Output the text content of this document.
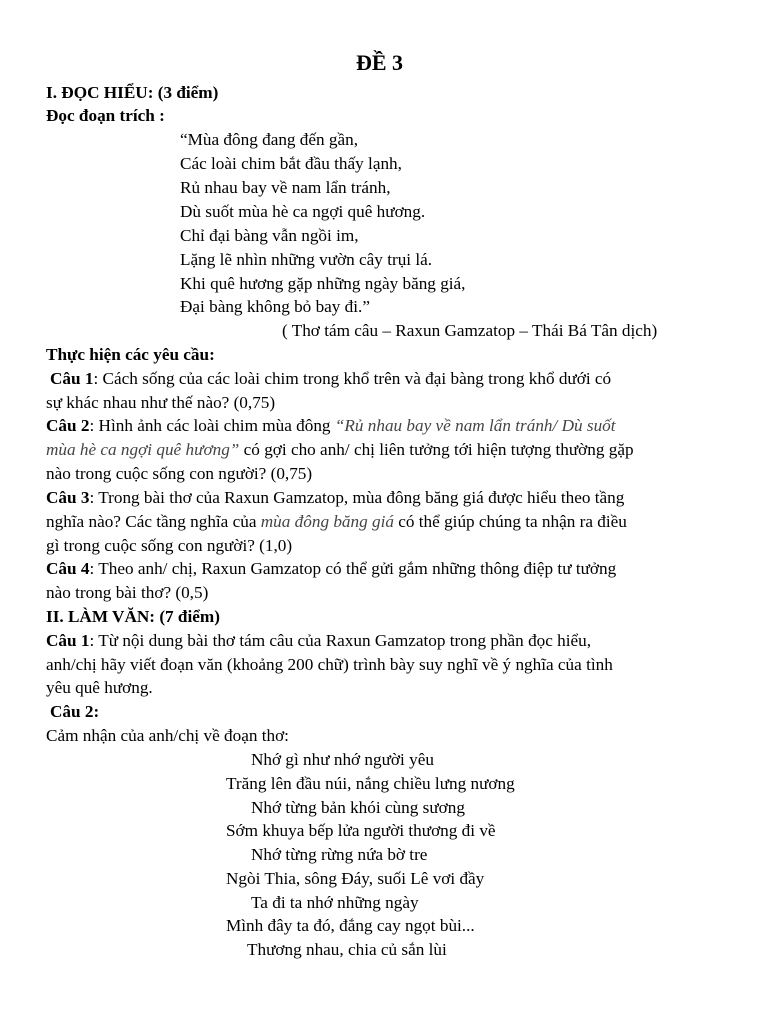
ĐỀ 3
I. ĐỌC HIỂU: (3 điểm)
Đọc đoạn trích :
“Mùa đông đang đến gần,
Các loài chim bắt đầu thấy lạnh,
Rủ nhau bay về nam lẩn tránh,
Dù suốt mùa hè ca ngợi quê hương.
Chỉ đại bàng vẫn ngồi im,
Lặng lẽ nhìn những vườn cây trụi lá.
Khi quê hương gặp những ngày băng giá,
Đại bàng không bỏ bay đi.”
( Thơ tám câu – Raxun Gamzatop – Thái Bá Tân dịch)
Thực hiện các yêu cầu:
Câu 1: Cách sống của các loài chim trong khổ trên và đại bàng trong khổ dưới có
sự khác nhau như thế nào? (0,75)
Câu 2: Hình ảnh các loài chim mùa đông “Rủ nhau bay về nam lẩn tránh/ Dù suốt
mùa hè ca ngợi quê hương” có gợi cho anh/ chị liên tưởng tới hiện tượng thường gặp
nào trong cuộc sống con người? (0,75)
Câu 3: Trong bài thơ của Raxun Gamzatop, mùa đông băng giá được hiểu theo tầng
nghĩa nào? Các tầng nghĩa của mùa đông băng giá có thể giúp chúng ta nhận ra điều
gì trong cuộc sống con người? (1,0)
Câu 4: Theo anh/ chị, Raxun Gamzatop có thể gửi gắm những thông điệp tư tưởng
nào trong bài thơ? (0,5)
II. LÀM VĂN: (7 điểm)
Câu 1: Từ nội dung bài thơ tám câu của Raxun Gamzatop trong phần đọc hiểu,
anh/chị hãy viết đoạn văn (khoảng 200 chữ) trình bày suy nghĩ về ý nghĩa của tình
yêu quê hương.
Câu 2:
Cảm nhận của anh/chị về đoạn thơ:
Nhớ gì như nhớ người yêu
Trăng lên đầu núi, nắng chiều lưng nương
Nhớ từng bản khói cùng sương
Sớm khuya bếp lửa người thương đi về
Nhớ từng rừng nứa bờ tre
Ngòi Thia, sông Đáy, suối Lê vơi đầy
Ta đi ta nhớ những ngày
Mình đây ta đó, đắng cay ngọt bùi...
Thương nhau, chia củ sắn lùi
